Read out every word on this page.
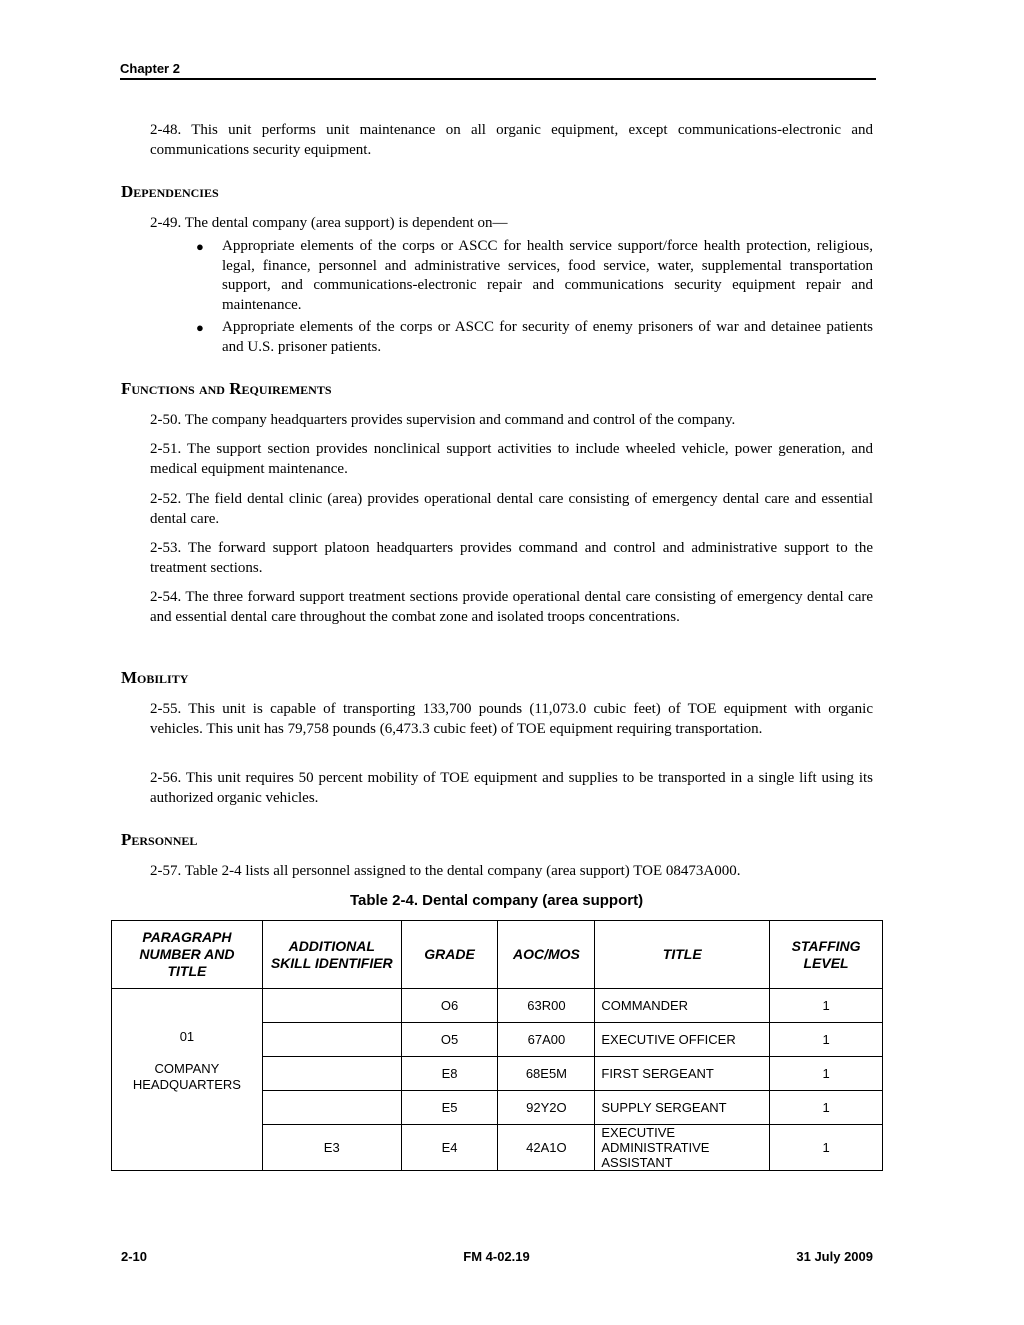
Chapter 2

2-48. This unit performs unit maintenance on all organic equipment, except communications-electronic and communications security equipment.

Dependencies

2-49. The dental company (area support) is dependent on—

● Appropriate elements of the corps or ASCC for health service support/force health protection, religious, legal, finance, personnel and administrative services, food service, water, supplemental transportation support, and communications-electronic repair and communications security equipment repair and maintenance.

● Appropriate elements of the corps or ASCC for security of enemy prisoners of war and detainee patients and U.S. prisoner patients.

Functions and Requirements

2-50. The company headquarters provides supervision and command and control of the company.

2-51. The support section provides nonclinical support activities to include wheeled vehicle, power generation, and medical equipment maintenance.

2-52. The field dental clinic (area) provides operational dental care consisting of emergency dental care and essential dental care.

2-53. The forward support platoon headquarters provides command and control and administrative support to the treatment sections.

2-54. The three forward support treatment sections provide operational dental care consisting of emergency dental care and essential dental care throughout the combat zone and isolated troops concentrations.

Mobility

2-55. This unit is capable of transporting 133,700 pounds (11,073.0 cubic feet) of TOE equipment with organic vehicles. This unit has 79,758 pounds (6,473.3 cubic feet) of TOE equipment requiring transportation.

2-56. This unit requires 50 percent mobility of TOE equipment and supplies to be transported in a single lift using its authorized organic vehicles.

Personnel

2-57. Table 2-4 lists all personnel assigned to the dental company (area support) TOE 08473A000.

Table 2-4. Dental company (area support)
PARAGRAPH NUMBER AND TITLE	ADDITIONAL SKILL IDENTIFIER	GRADE	AOC/MOS	TITLE	STAFFING LEVEL

01
COMPANY HEADQUARTERS		O6	63R00	COMMANDER	1
		O5	67A00	EXECUTIVE OFFICER	1
		E8	68E5M	FIRST SERGEANT	1
		E5	92Y2O	SUPPLY SERGEANT	1
	E3	E4	42A1O	EXECUTIVE ADMINISTRATIVE ASSISTANT	1
2-10	FM 4-02.19	31 July 2009
